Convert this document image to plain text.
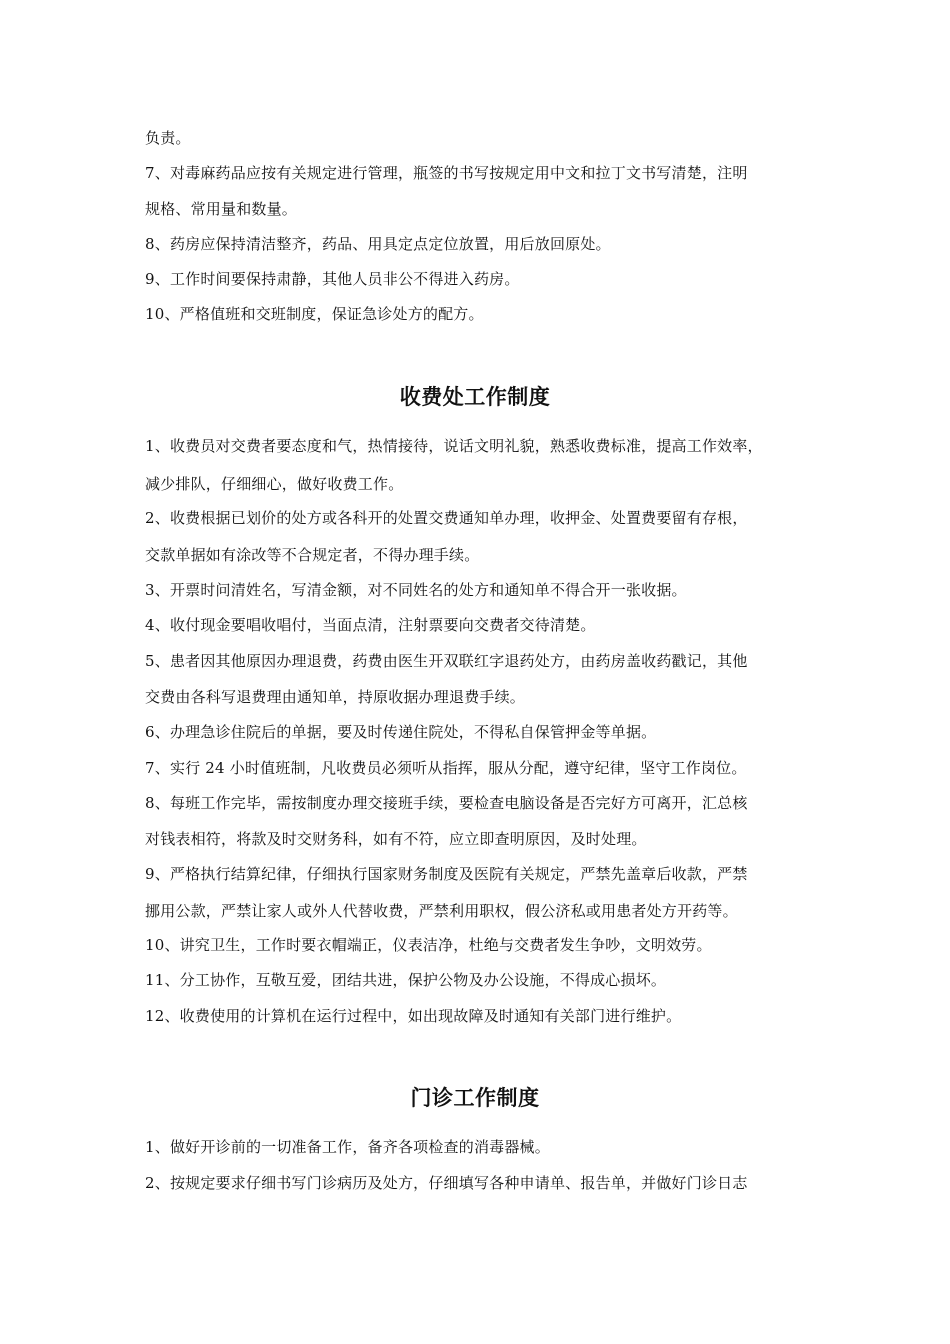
负责。
7、对毒麻药品应按有关规定进行管理，瓶签的书写按规定用中文和拉丁文书写清楚，注明
规格、常用量和数量。
8、药房应保持清洁整齐，药品、用具定点定位放置，用后放回原处。
9、工作时间要保持肃静，其他人员非公不得进入药房。
10、严格值班和交班制度，保证急诊处方的配方。
收费处工作制度
1、收费员对交费者要态度和气，热情接待，说话文明礼貌，熟悉收费标准，提高工作效率，
减少排队，仔细细心，做好收费工作。
2、收费根据已划价的处方或各科开的处置交费通知单办理，收押金、处置费要留有存根，
交款单据如有涂改等不合规定者，不得办理手续。
3、开票时问清姓名，写清金额，对不同姓名的处方和通知单不得合开一张收据。
4、收付现金要唱收唱付，当面点清，注射票要向交费者交待清楚。
5、患者因其他原因办理退费，药费由医生开双联红字退药处方，由药房盖收药戳记，其他
交费由各科写退费理由通知单，持原收据办理退费手续。
6、办理急诊住院后的单据，要及时传递住院处，不得私自保管押金等单据。
7、实行 24 小时值班制，凡收费员必须听从指挥，服从分配，遵守纪律，坚守工作岗位。
8、每班工作完毕，需按制度办理交接班手续，要检查电脑设备是否完好方可离开，汇总核
对钱表相符，将款及时交财务科，如有不符，应立即查明原因，及时处理。
9、严格执行结算纪律，仔细执行国家财务制度及医院有关规定，严禁先盖章后收款，严禁
挪用公款，严禁让家人或外人代替收费，严禁利用职权，假公济私或用患者处方开药等。
10、讲究卫生，工作时要衣帽端正，仪表洁净，杜绝与交费者发生争吵，文明效劳。
11、分工协作，互敬互爱，团结共进，保护公物及办公设施，不得成心损坏。
12、收费使用的计算机在运行过程中，如出现故障及时通知有关部门进行维护。
门诊工作制度
1、做好开诊前的一切准备工作，备齐各项检查的消毒器械。
2、按规定要求仔细书写门诊病历及处方，仔细填写各种申请单、报告单，并做好门诊日志
